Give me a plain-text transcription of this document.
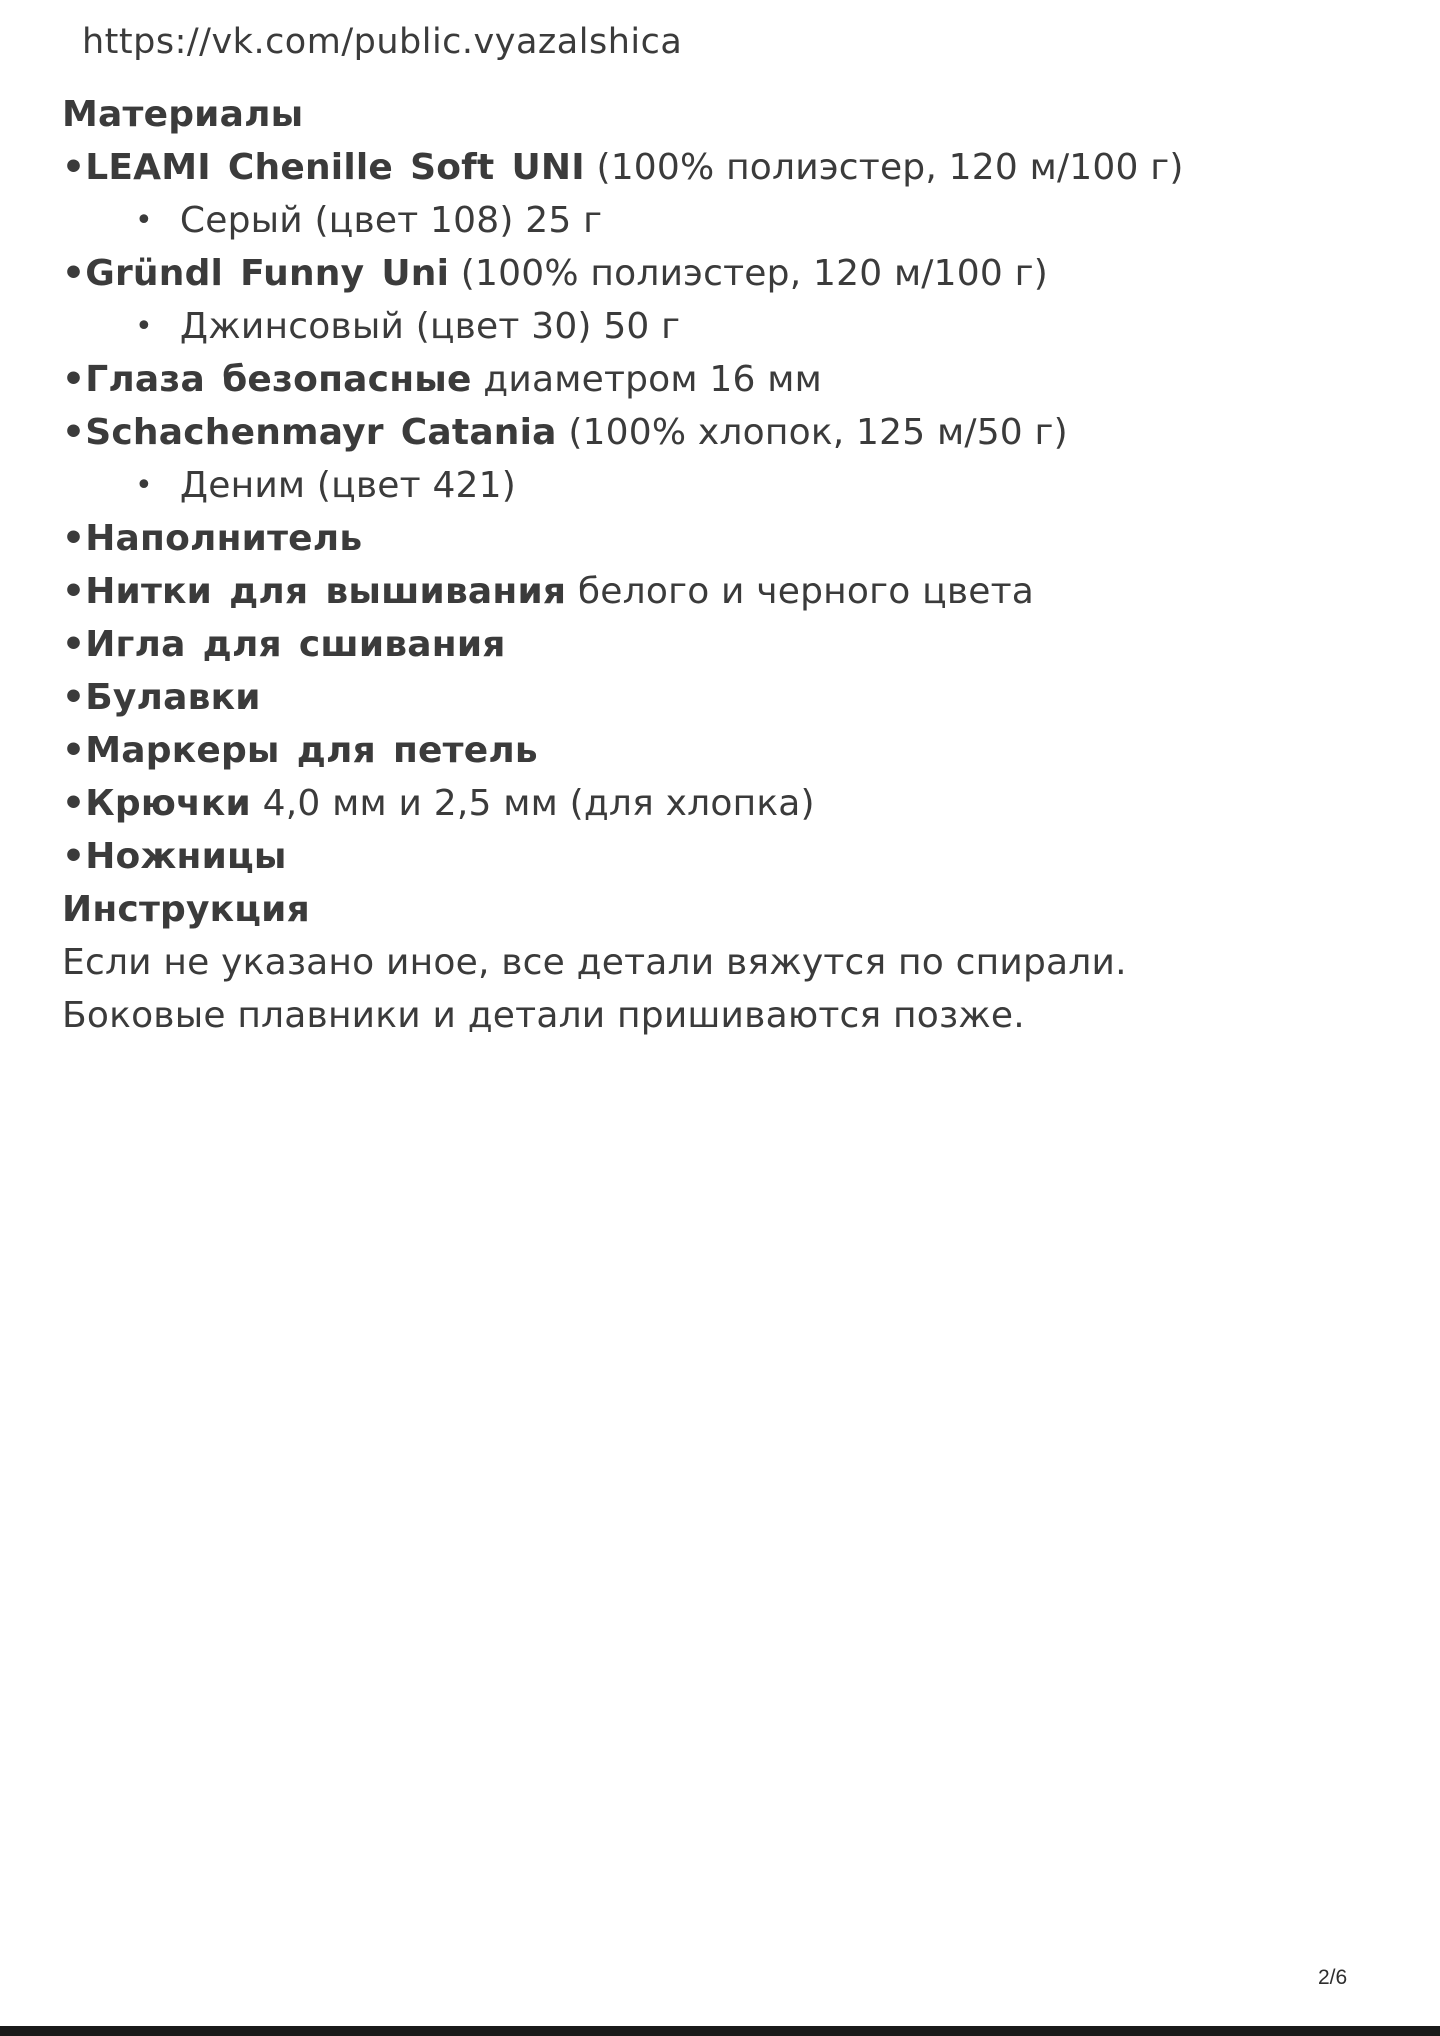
https://vk.com/public.vyazalshica
Материалы
•LEAMI Chenille Soft UNI (100% полиэстер, 120 м/100 г)
• Серый (цвет 108) 25 г
•Gründl Funny Uni (100% полиэстер, 120 м/100 г)
• Джинсовый (цвет 30) 50 г
•Глаза безопасные диаметром 16 мм
•Schachenmayr Catania (100% хлопок, 125 м/50 г)
• Деним (цвет 421)
•Наполнитель
•Нитки для вышивания белого и черного цвета
•Игла для сшивания
•Булавки
•Маркеры для петель
•Крючки 4,0 мм и 2,5 мм (для хлопка)
•Ножницы
Инструкция
Если не указано иное, все детали вяжутся по спирали.
Боковые плавники и детали пришиваются позже.
2/6
